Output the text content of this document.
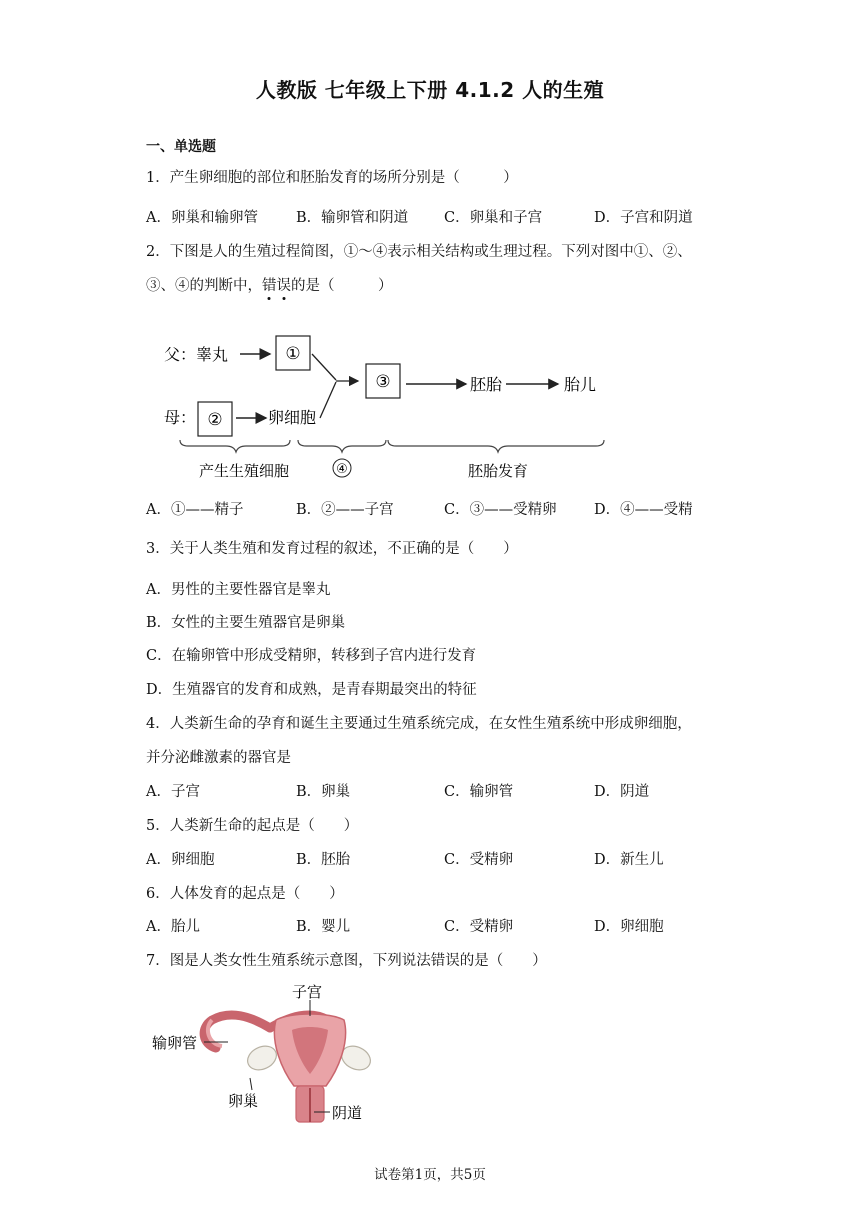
人教版 七年级上下册 4.1.2 人的生殖
一、单选题
1．产生卵细胞的部位和胚胎发育的场所分别是（　　　）
A．卵巢和输卵管	B．输卵管和阴道 C．卵巢和子宫	D．子宫和阴道
2．下图是人的生殖过程简图，①～④表示相关结构或生理过程。下列对图中①、②、
③、④的判断中，错误的是（　　　）
父：睾丸	①
母： ②	卵细胞
③	胚胎	胎儿
产生生殖细胞	④	胚胎发育
A．①——精子	B．②——子宫	C．③——受精卵	D．④——受精
3．关于人类生殖和发育过程的叙述，不正确的是（　　）
A．男性的主要性器官是睾丸
B．女性的主要生殖器官是卵巢
C．在输卵管中形成受精卵，转移到子宫内进行发育
D．生殖器官的发育和成熟，是青春期最突出的特征
4．人类新生命的孕育和诞生主要通过生殖系统完成，在女性生殖系统中形成卵细胞，
并分泌雌激素的器官是
A．子宫	B．卵巢	C．输卵管	D．阴道
5．人类新生命的起点是（　　）
A．卵细胞	B．胚胎	C．受精卵	D．新生儿
6．人体发育的起点是（　　）
A．胎儿	B．婴儿	C．受精卵	D．卵细胞
7．图是人类女性生殖系统示意图，下列说法错误的是（　　）
子宫
输卵管
卵巢
阴道
试卷第1页，共5页
